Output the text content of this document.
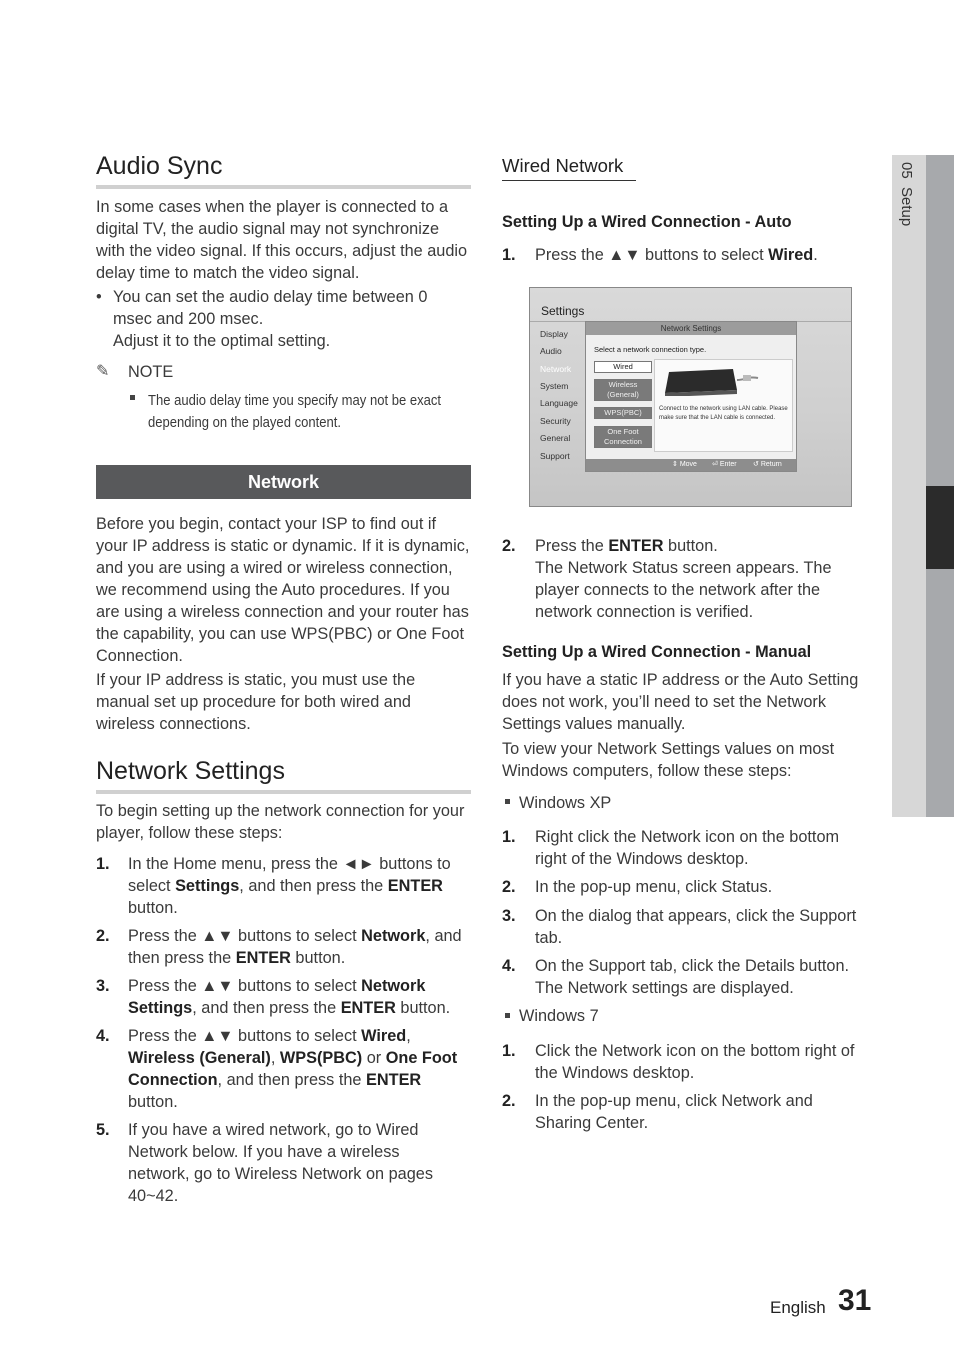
Audio Sync
In some cases when the player is connected to a digital TV, the audio signal may not synchronize with the video signal. If this occurs, adjust the audio delay time to match the video signal.
• You can set the audio delay time between 0 msec and 200 msec.
Adjust it to the optimal setting.
✎ NOTE
The audio delay time you specify may not be exact depending on the played content.
Network
Before you begin, contact your ISP to find out if your IP address is static or dynamic. If it is dynamic, and you are using a wired or wireless connection, we recommend using the Auto procedures. If you are using a wireless connection and your router has the capability, you can use WPS(PBC) or One Foot Connection.
If your IP address is static, you must use the manual set up procedure for both wired and wireless connections.
Network Settings
To begin setting up the network connection for your player, follow these steps:
1. In the Home menu, press the ◄► buttons to select Settings, and then press the ENTER button.
2. Press the ▲▼ buttons to select Network, and then press the ENTER button.
3. Press the ▲▼ buttons to select Network Settings, and then press the ENTER button.
4. Press the ▲▼ buttons to select Wired, Wireless (General), WPS(PBC) or One Foot Connection, and then press the ENTER button.
5. If you have a wired network, go to Wired Network below. If you have a wireless network, go to Wireless Network on pages 40~42.
Wired Network
Setting Up a Wired Connection - Auto
1. Press the ▲▼ buttons to select Wired.
Settings
Display
Audio
Network
System
Language
Security
General
Support
Network Settings
Select a network connection type.
Wired
Wireless (General)
WPS(PBC)
One Foot Connection
Connect to the network using LAN cable. Please make sure that the LAN cable is connected.
⇕ Move ⏎ Enter ↺ Return
2. Press the ENTER button.
The Network Status screen appears. The player connects to the network after the network connection is verified.
Setting Up a Wired Connection - Manual
If you have a static IP address or the Auto Setting does not work, you’ll need to set the Network Settings values manually.
To view your Network Settings values on most Windows computers, follow these steps:
Windows XP
1. Right click the Network icon on the bottom right of the Windows desktop.
2. In the pop-up menu, click Status.
3. On the dialog that appears, click the Support tab.
4. On the Support tab, click the Details button. The Network settings are displayed.
Windows 7
1. Click the Network icon on the bottom right of the Windows desktop.
2. In the pop-up menu, click Network and Sharing Center.
05  Setup
English 31
